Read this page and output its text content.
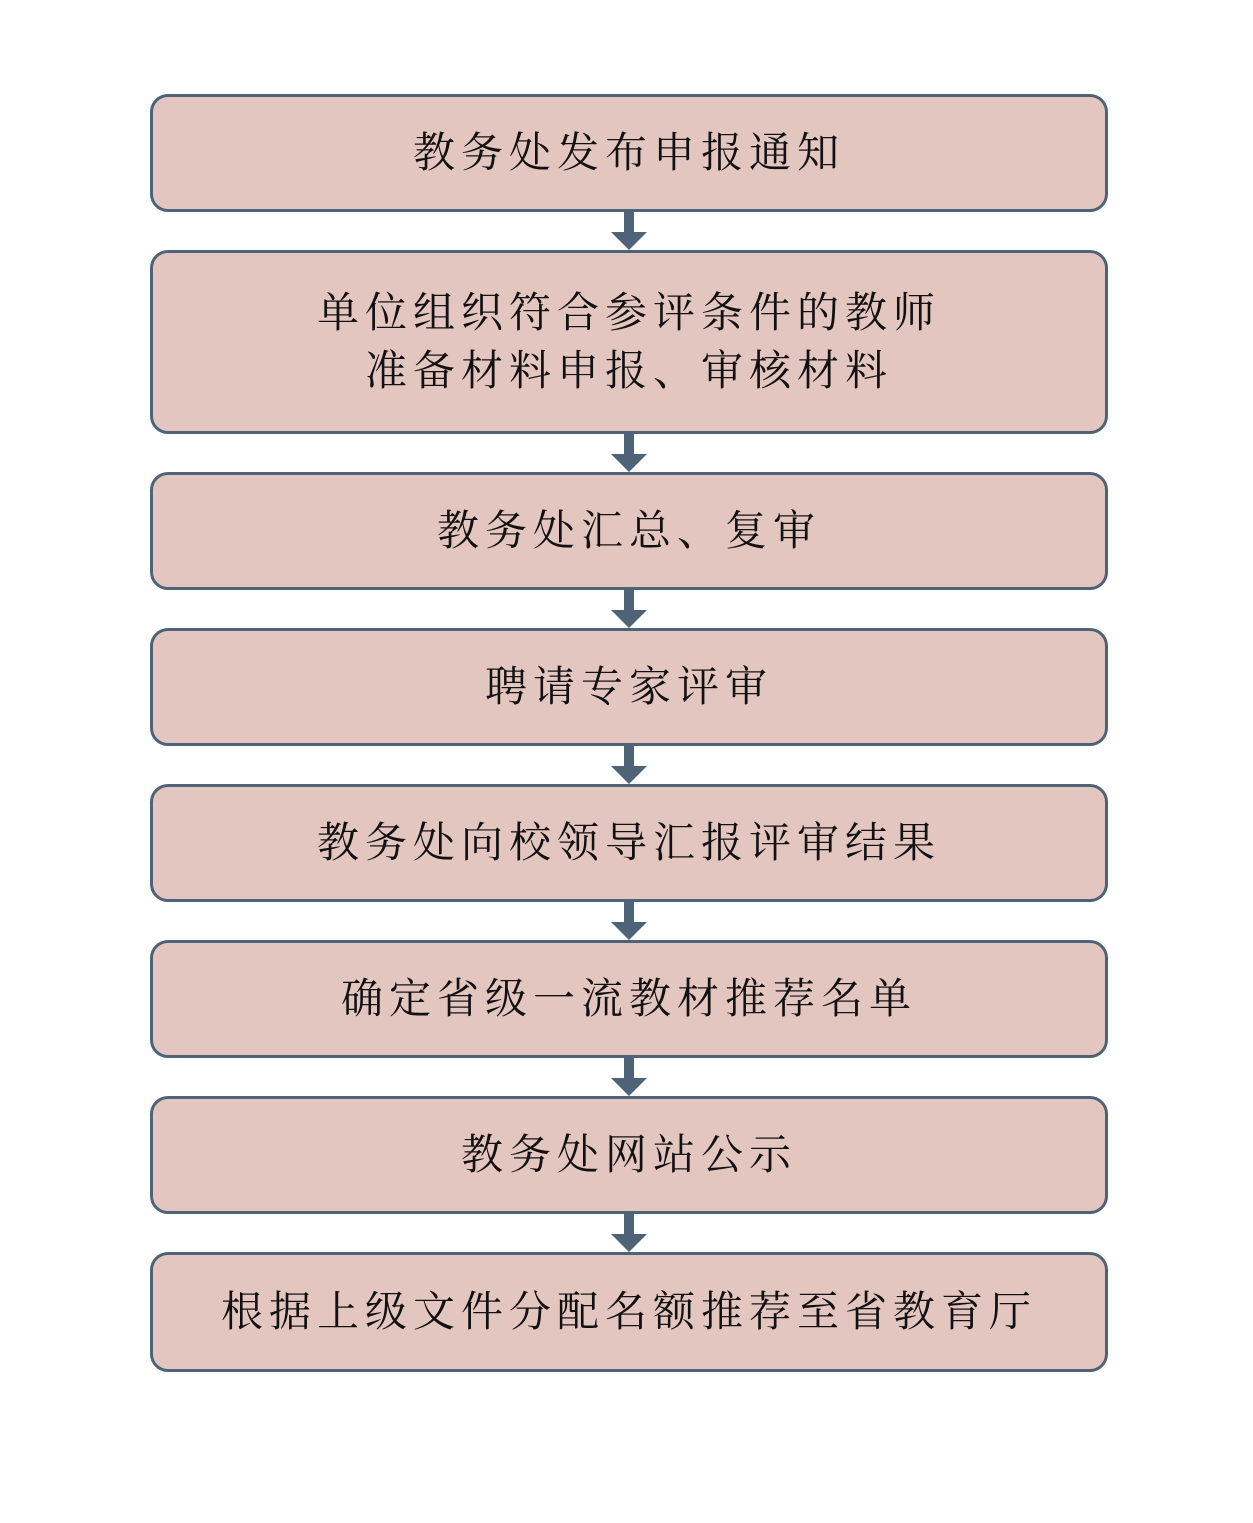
教务处发布申报通知
单位组织符合参评条件的教师
准备材料申报、审核材料
教务处汇总、复审
聘请专家评审
教务处向校领导汇报评审结果
确定省级一流教材推荐名单
教务处网站公示
根据上级文件分配名额推荐至省教育厅
